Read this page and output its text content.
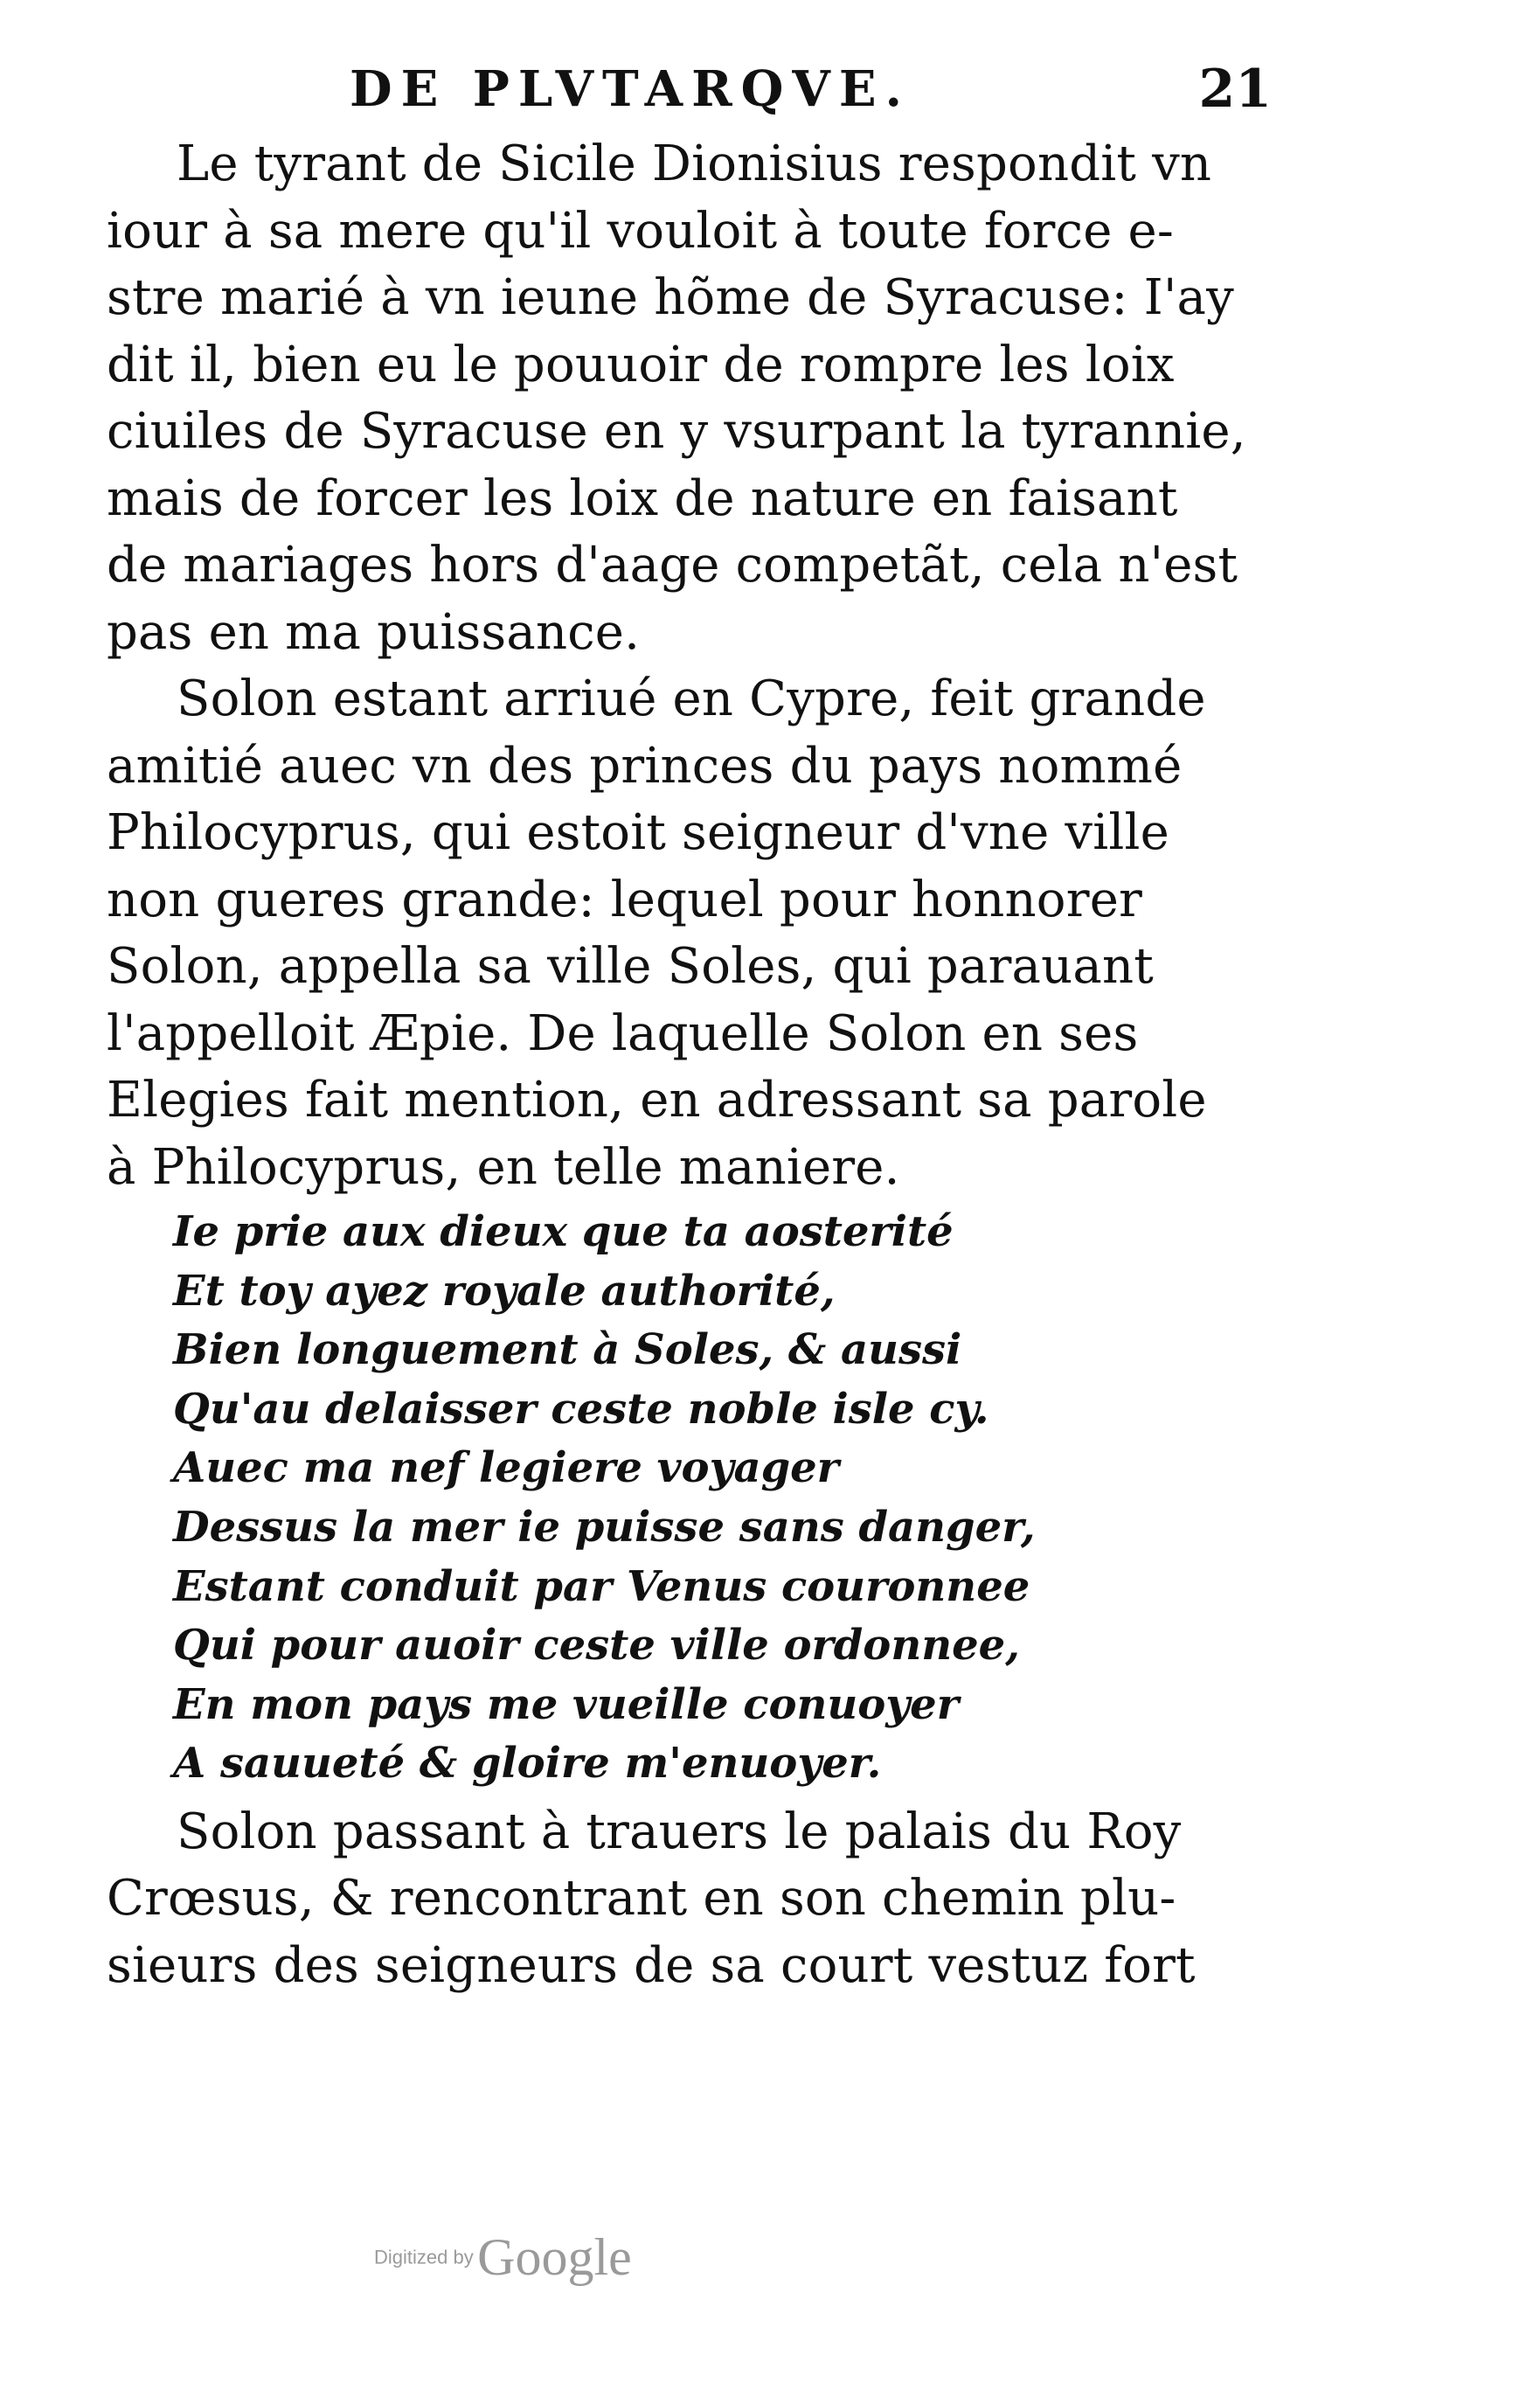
DE PLVTARQVE.	21
Le tyrant de Sicile Dionisius respondit vn
iour à sa mere qu'il vouloit à toute force e-
stre marié à vn ieune hõme de Syracuse: I'ay
dit il, bien eu le pouuoir de rompre les loix
ciuiles de Syracuse en y vsurpant la tyrannie,
mais de forcer les loix de nature en faisant
de mariages hors d'aage competãt, cela n'est
pas en ma puissance.
Solon estant arriué en Cypre, feit grande
amitié auec vn des princes du pays nommé
Philocyprus, qui estoit seigneur d'vne ville
non gueres grande: lequel pour honnorer
Solon, appella sa ville Soles, qui parauant
l'appelloit Æpie. De laquelle Solon en ses
Elegies fait mention, en adressant sa parole
à Philocyprus, en telle maniere.
Ie prie aux dieux que ta aosterité
Et toy ayez royale authorité,
Bien longuement à Soles, & aussi
Qu'au delaisser ceste noble isle cy.
Auec ma nef legiere voyager
Dessus la mer ie puisse sans danger,
Estant conduit par Venus couronnee
Qui pour auoir ceste ville ordonnee,
En mon pays me vueille conuoyer
A sauueté & gloire m'enuoyer.
Solon passant à trauers le palais du Roy
Crœsus, & rencontrant en son chemin plu-
sieurs des seigneurs de sa court vestuz fort
Digitized by Google
